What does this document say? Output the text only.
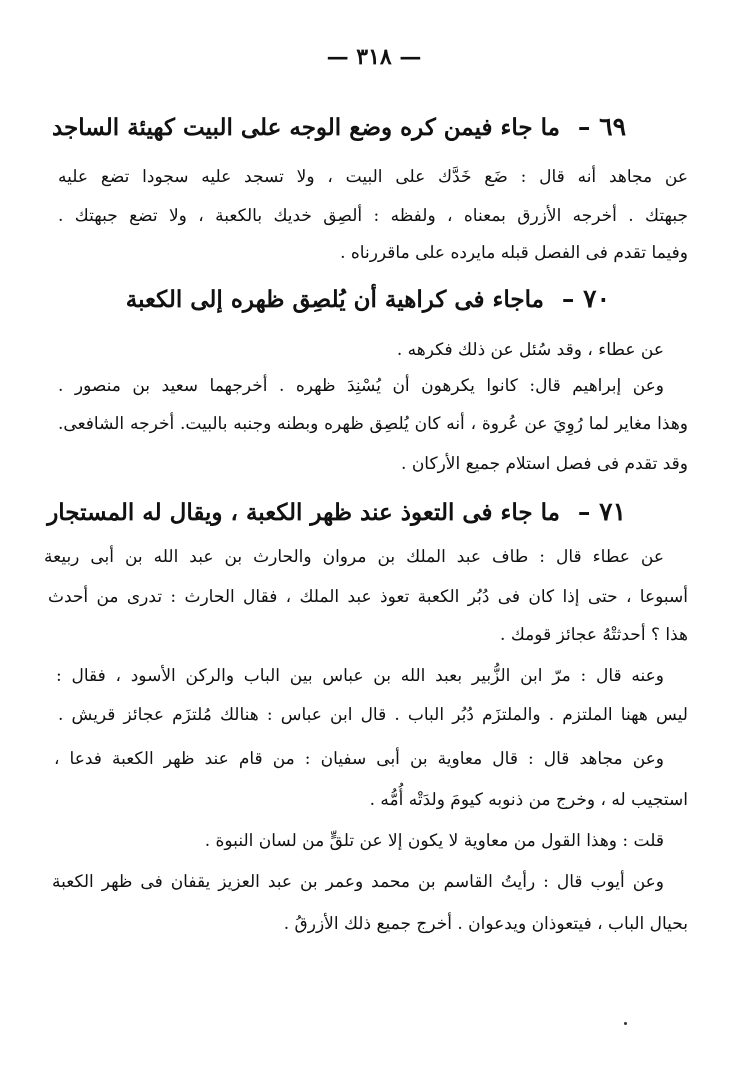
— ٣١٨ —
٦٩ – ما جاء فيمن كره وضع الوجه على البيت كهيئة الساجد
عن مجاهد أنه قال : ضَع خَدَّك على البيت ، ولا تسجد عليه سجودا تضع عليه
جبهتك . أخرجه الأزرق بمعناه ، ولفظه : ألصِق خديك بالكعبة ، ولا تضع جبهتك .
وفيما تقدم فى الفصل قبله مايرده على ماقررناه .
٧٠ – ماجاء فى كراهية أن يُلصِق ظهره إلى الكعبة
عن عطاء ، وقد سُئل عن ذلك فكرهه .
وعن إبراهيم قال: كانوا يكرهون أن يُسْنِدَ ظهره . أخرجهما سعيد بن منصور .
وهذا مغاير لما رُوِيَ عن عُروة ، أنه كان يُلصِق ظهره وبطنه وجنبه بالبيت. أخرجه الشافعى.
وقد تقدم فى فصل استلام جميع الأركان .
٧١ – ما جاء فى التعوذ عند ظهر الكعبة ، ويقال له المستجار
عن عطاء قال : طاف عبد الملك بن مروان والحارث بن عبد الله بن أبى ربيعة
أسبوعا ، حتى إذا كان فى دُبُر الكعبة تعوذ عبد الملك ، فقال الحارث : تدرى من أحدث
هذا ؟ أحدثتْهُ عجائز قومك .
وعنه قال : مرّ ابن الزُّبير بعبد الله بن عباس بين الباب والركن الأسود ، فقال :
ليس ههنا الملتزم . والملتزَم دُبُر الباب . قال ابن عباس : هنالك مُلتزَم عجائز قريش .
وعن مجاهد قال : قال معاوية بن أبى سفيان : من قام عند ظهر الكعبة فدعا ،
استجيب له ، وخرج من ذنوبه كيومَ ولدَتْه أُمُّه .
قلت : وهذا القول من معاوية لا يكون إلا عن تلقٍّ من لسان النبوة .
وعن أيوب قال : رأيتُ القاسم بن محمد وعمر بن عبد العزيز يقفان فى ظهر الكعبة
بحيال الباب ، فيتعوذان ويدعوان . أخرج جميع ذلك الأزرقُ .
